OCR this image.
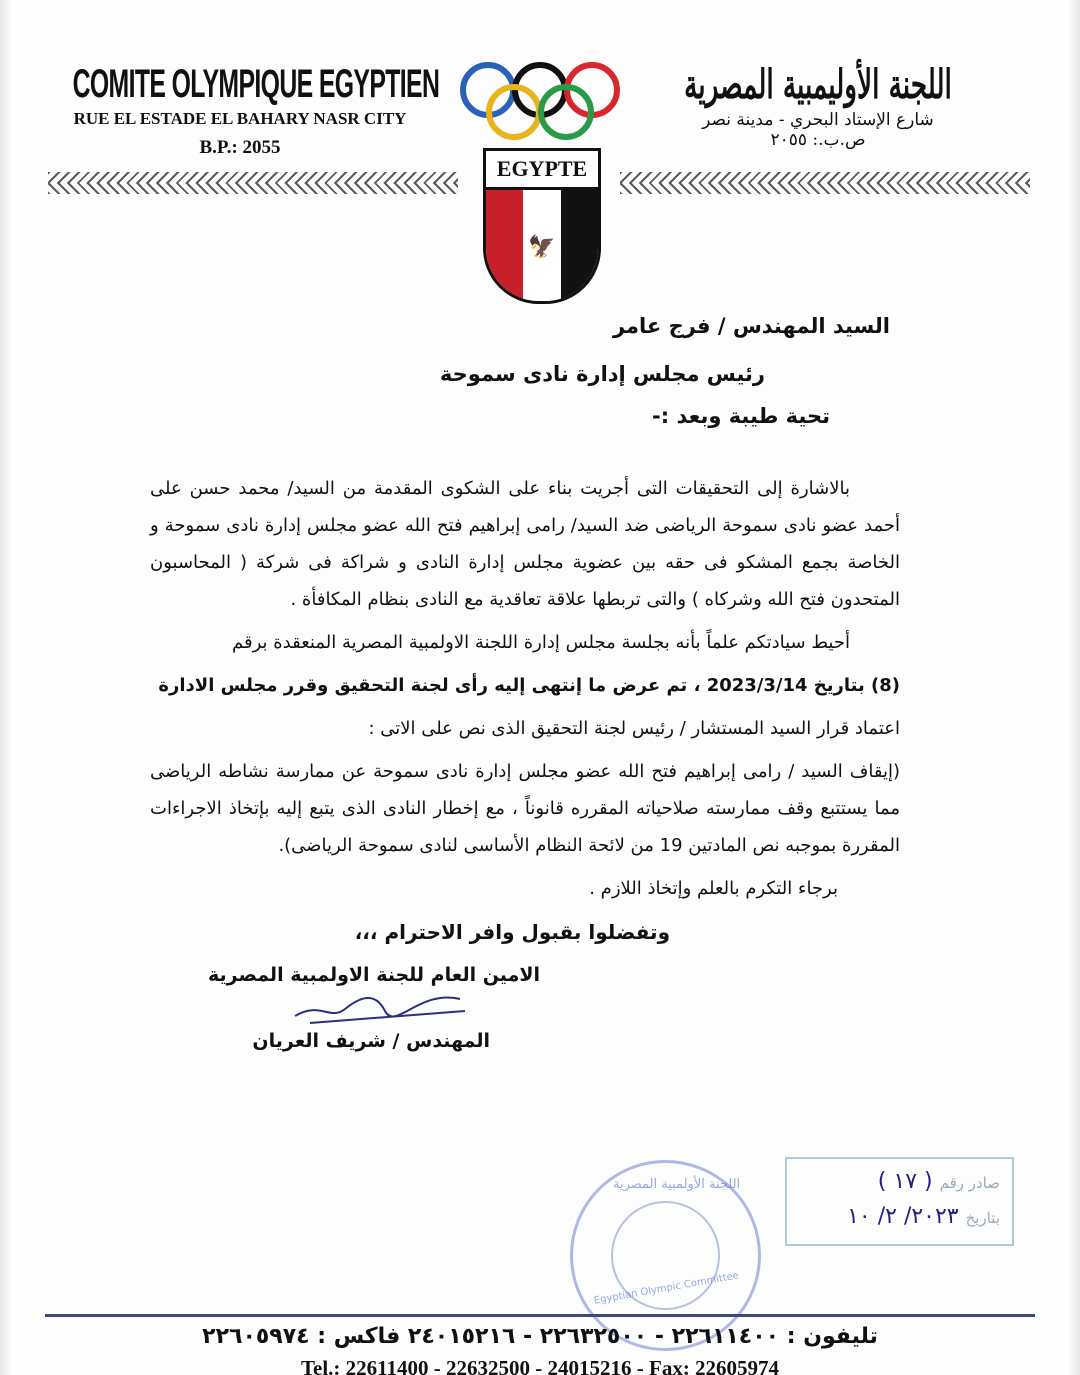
COMITE OLYMPIQUE EGYPTIEN
RUE EL ESTADE EL BAHARY NASR CITY
B.P.: 2055
اللجنة الأوليمبية المصرية
شارع الإستاد البحري - مدينة نصر
ص.ب.: ٢٠٥٥
EGYPTE
🦅
السيد المهندس / فرج عامر
رئيس مجلس إدارة نادى سموحة
تحية طيبة وبعد :-

بالاشارة إلى التحقيقات التى أجريت بناء على الشكوى المقدمة من السيد/ محمد حسن على أحمد عضو نادى سموحة الرياضى ضد السيد/ رامى إبراهيم فتح الله عضو مجلس إدارة نادى سموحة و الخاصة بجمع المشكو فى حقه بين عضوية مجلس إدارة النادى و شراكة فى شركة ( المحاسبون المتحدون فتح الله وشركاه ) والتى تربطها علاقة تعاقدية مع النادى بنظام المكافأة .

أحيط سيادتكم علماً بأنه بجلسة مجلس إدارة اللجنة الاولمبية المصرية المنعقدة برقم

(8) بتاريخ 2023/3/14 ، تم عرض ما إنتهى إليه رأى لجنة التحقيق وقرر مجلس الادارة

اعتماد قرار السيد المستشار / رئيس لجنة التحقيق الذى نص على الاتى :

(إيقاف السيد / رامى إبراهيم فتح الله عضو مجلس إدارة نادى سموحة عن ممارسة نشاطه الرياضى مما يستتبع وقف ممارسته صلاحياته المقرره قانوناً ، مع إخطار النادى الذى يتبع إليه بإتخاذ الاجراءات المقررة بموجبه نص المادتين 19 من لائحة النظام الأساسى لنادى سموحة الرياضى).

برجاء التكرم بالعلم وإتخاذ اللازم .

وتفضلوا بقبول وافر الاحترام ،،،
الامين العام للجنة الاولمبية المصرية
المهندس / شريف العريان
اللجنة الأولمبية المصرية
Egyptian Olympic Committee
صادر رقم ( ١٧ )
بتاريخ ٢٠٢٣/ ٢/ ١٠
تليفون : ٢٢٦١١٤٠٠ - ٢٢٦٣٢٥٠٠ - ٢٤٠١٥٢١٦ فاكس : ٢٢٦٠٥٩٧٤
Tel.: 22611400 - 22632500 - 24015216 - Fax: 22605974
